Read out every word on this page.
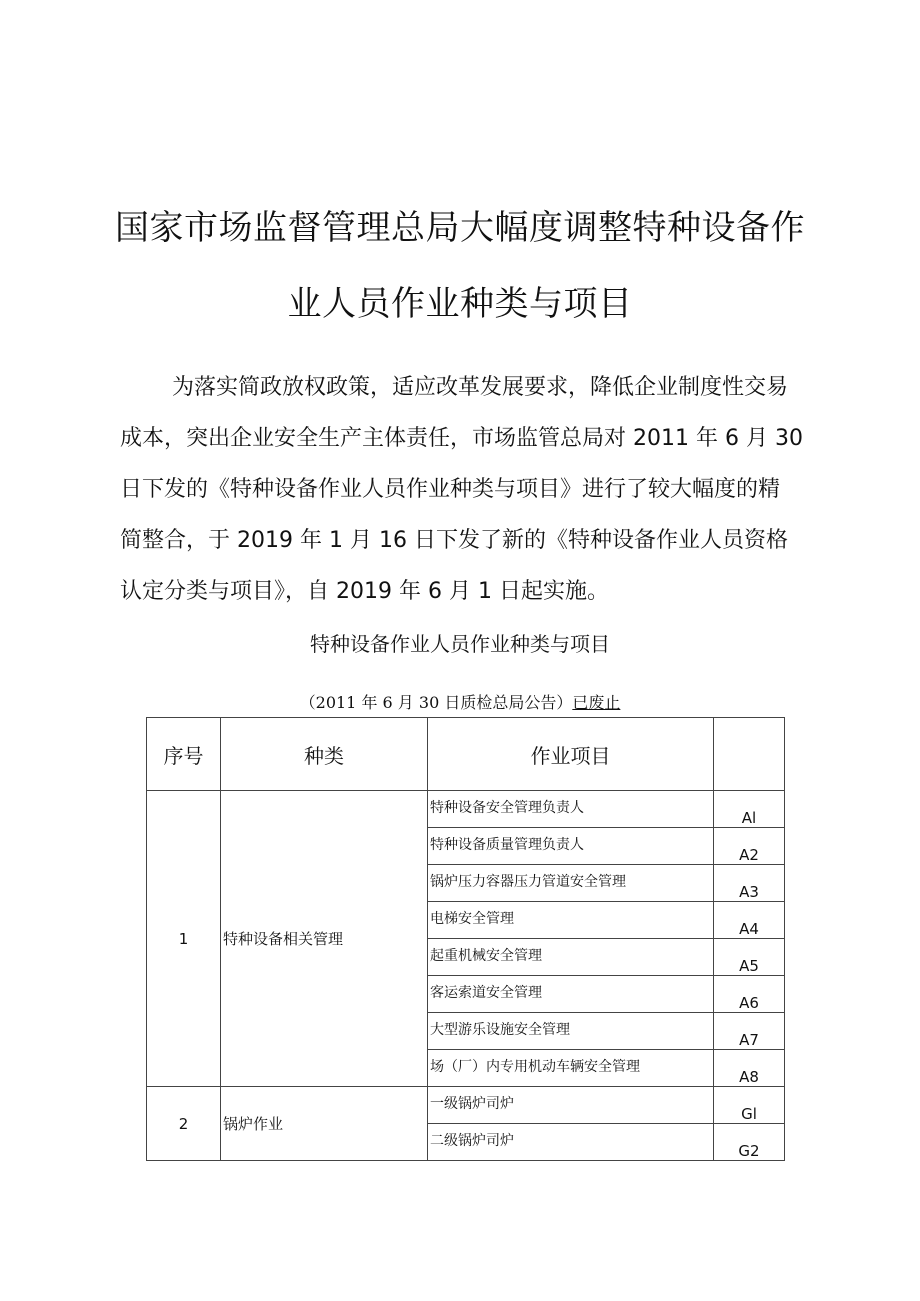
国家市场监督管理总局大幅度调整特种设备作
业人员作业种类与项目

为落实简政放权政策，适应改革发展要求，降低企业制度性交易

成本，突出企业安全生产主体责任，市场监管总局对 2011 年 6 月 30

日下发的《特种设备作业人员作业种类与项目》进行了较大幅度的精

简整合，于 2019 年 1 月 16 日下发了新的《特种设备作业人员资格

认定分类与项目》，自 2019 年 6 月 1 日起实施。

特种设备作业人员作业种类与项目

（2011 年 6 月 30 日质检总局公告）已废止
序号	种类	作业项目	
1	特种设备相关管理	特种设备安全管理负责人	Al
		特种设备质量管理负责人	A2
		锅炉压力容器压力管道安全管理	A3
		电梯安全管理	A4
		起重机械安全管理	A5
		客运索道安全管理	A6
		大型游乐设施安全管理	A7
		场（厂）内专用机动车辆安全管理	A8
2	锅炉作业	一级锅炉司炉	Gl
		二级锅炉司炉	G2
